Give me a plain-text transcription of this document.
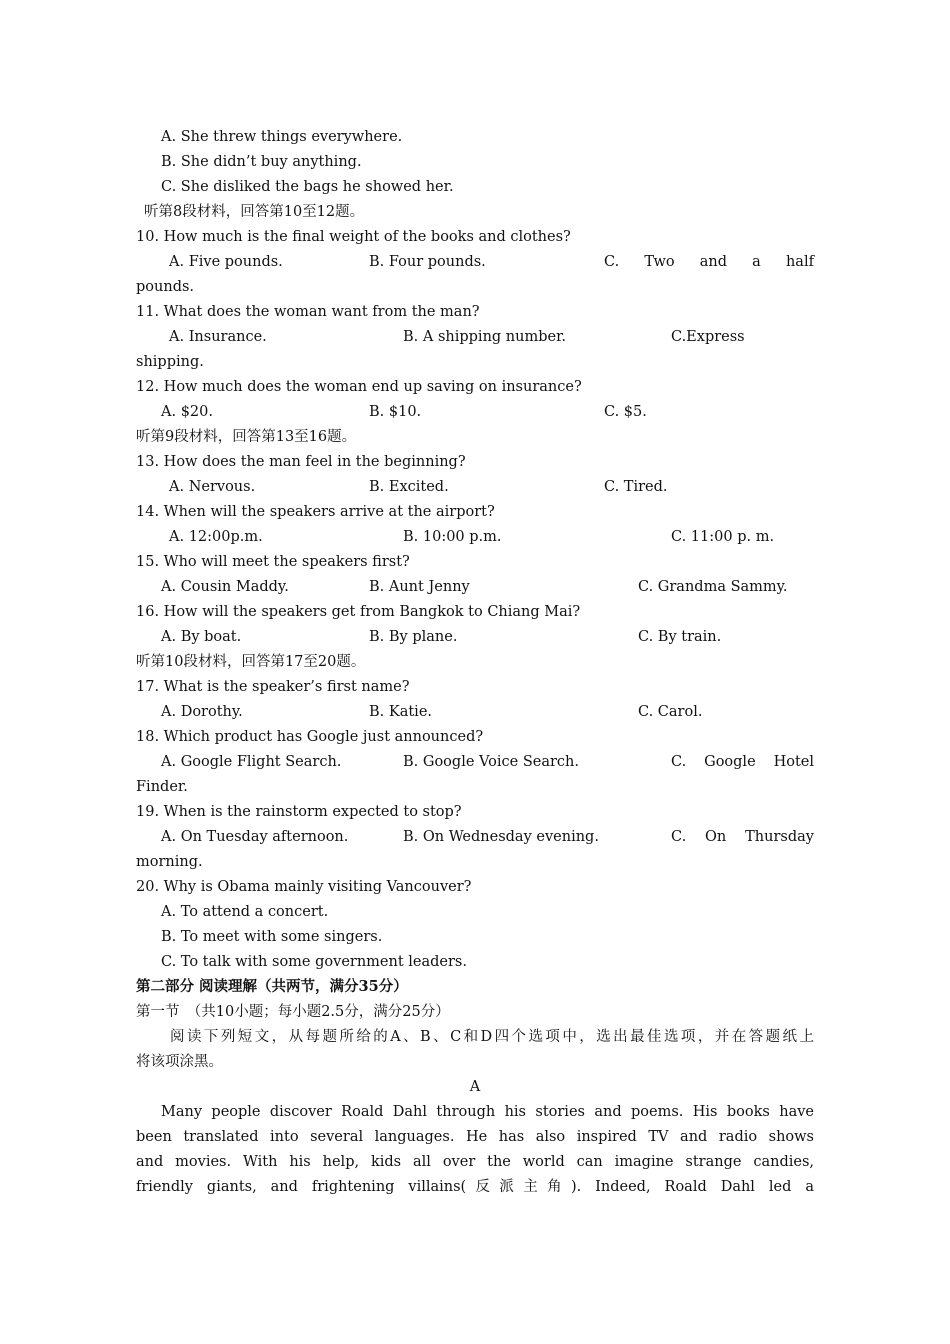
A. She threw things everywhere.
B. She didn’t buy anything.
C. She disliked the bags he showed her.
听第8段材料，回答第10至12题。
10. How much is the final weight of the books and clothes?
A. Five pounds.	B. Four pounds.	C. Two and a half
pounds.
11. What does the woman want from the man?
A. Insurance.	B. A shipping number.	C.Express
shipping.
12. How much does the woman end up saving on insurance?
A. $20.	B. $10.	C. $5.
听第9段材料，回答第13至16题。
13. How does the man feel in the beginning?
A. Nervous.	B. Excited.	C. Tired.
14. When will the speakers arrive at the airport?
A. 12:00p.m.	B. 10:00 p.m.	C. 11:00 p. m.
15. Who will meet the speakers first?
A. Cousin Maddy.	B. Aunt Jenny	C. Grandma Sammy.
16. How will the speakers get from Bangkok to Chiang Mai?
A. By boat.	B. By plane.	C. By train.
听第10段材料，回答第17至20题。
17. What is the speaker’s first name?
A. Dorothy.	B. Katie.	C. Carol.
18. Which product has Google just announced?
A. Google Flight Search.	B. Google Voice Search.	C. Google Hotel
Finder.
19. When is the rainstorm expected to stop?
A. On Tuesday afternoon.	B. On Wednesday evening.	C. On Thursday
morning.
20. Why is Obama mainly visiting Vancouver?
A. To attend a concert.
B. To meet with some singers.
C. To talk with some government leaders.
第二部分 阅读理解（共两节，满分35分）
第一节　（共10小题；每小题2.5分，满分25分）
阅读下列短文，从每题所给的A、B、C和D四个选项中，选出最佳选项，并在答题纸上
将该项涂黑。
A
Many people discover Roald Dahl through his stories and poems. His books have
been translated into several languages. He has also inspired TV and radio shows
and movies. With his help, kids all over the world can imagine strange candies,
friendly giants, and frightening villains(反派主角). Indeed, Roald Dahl led a
